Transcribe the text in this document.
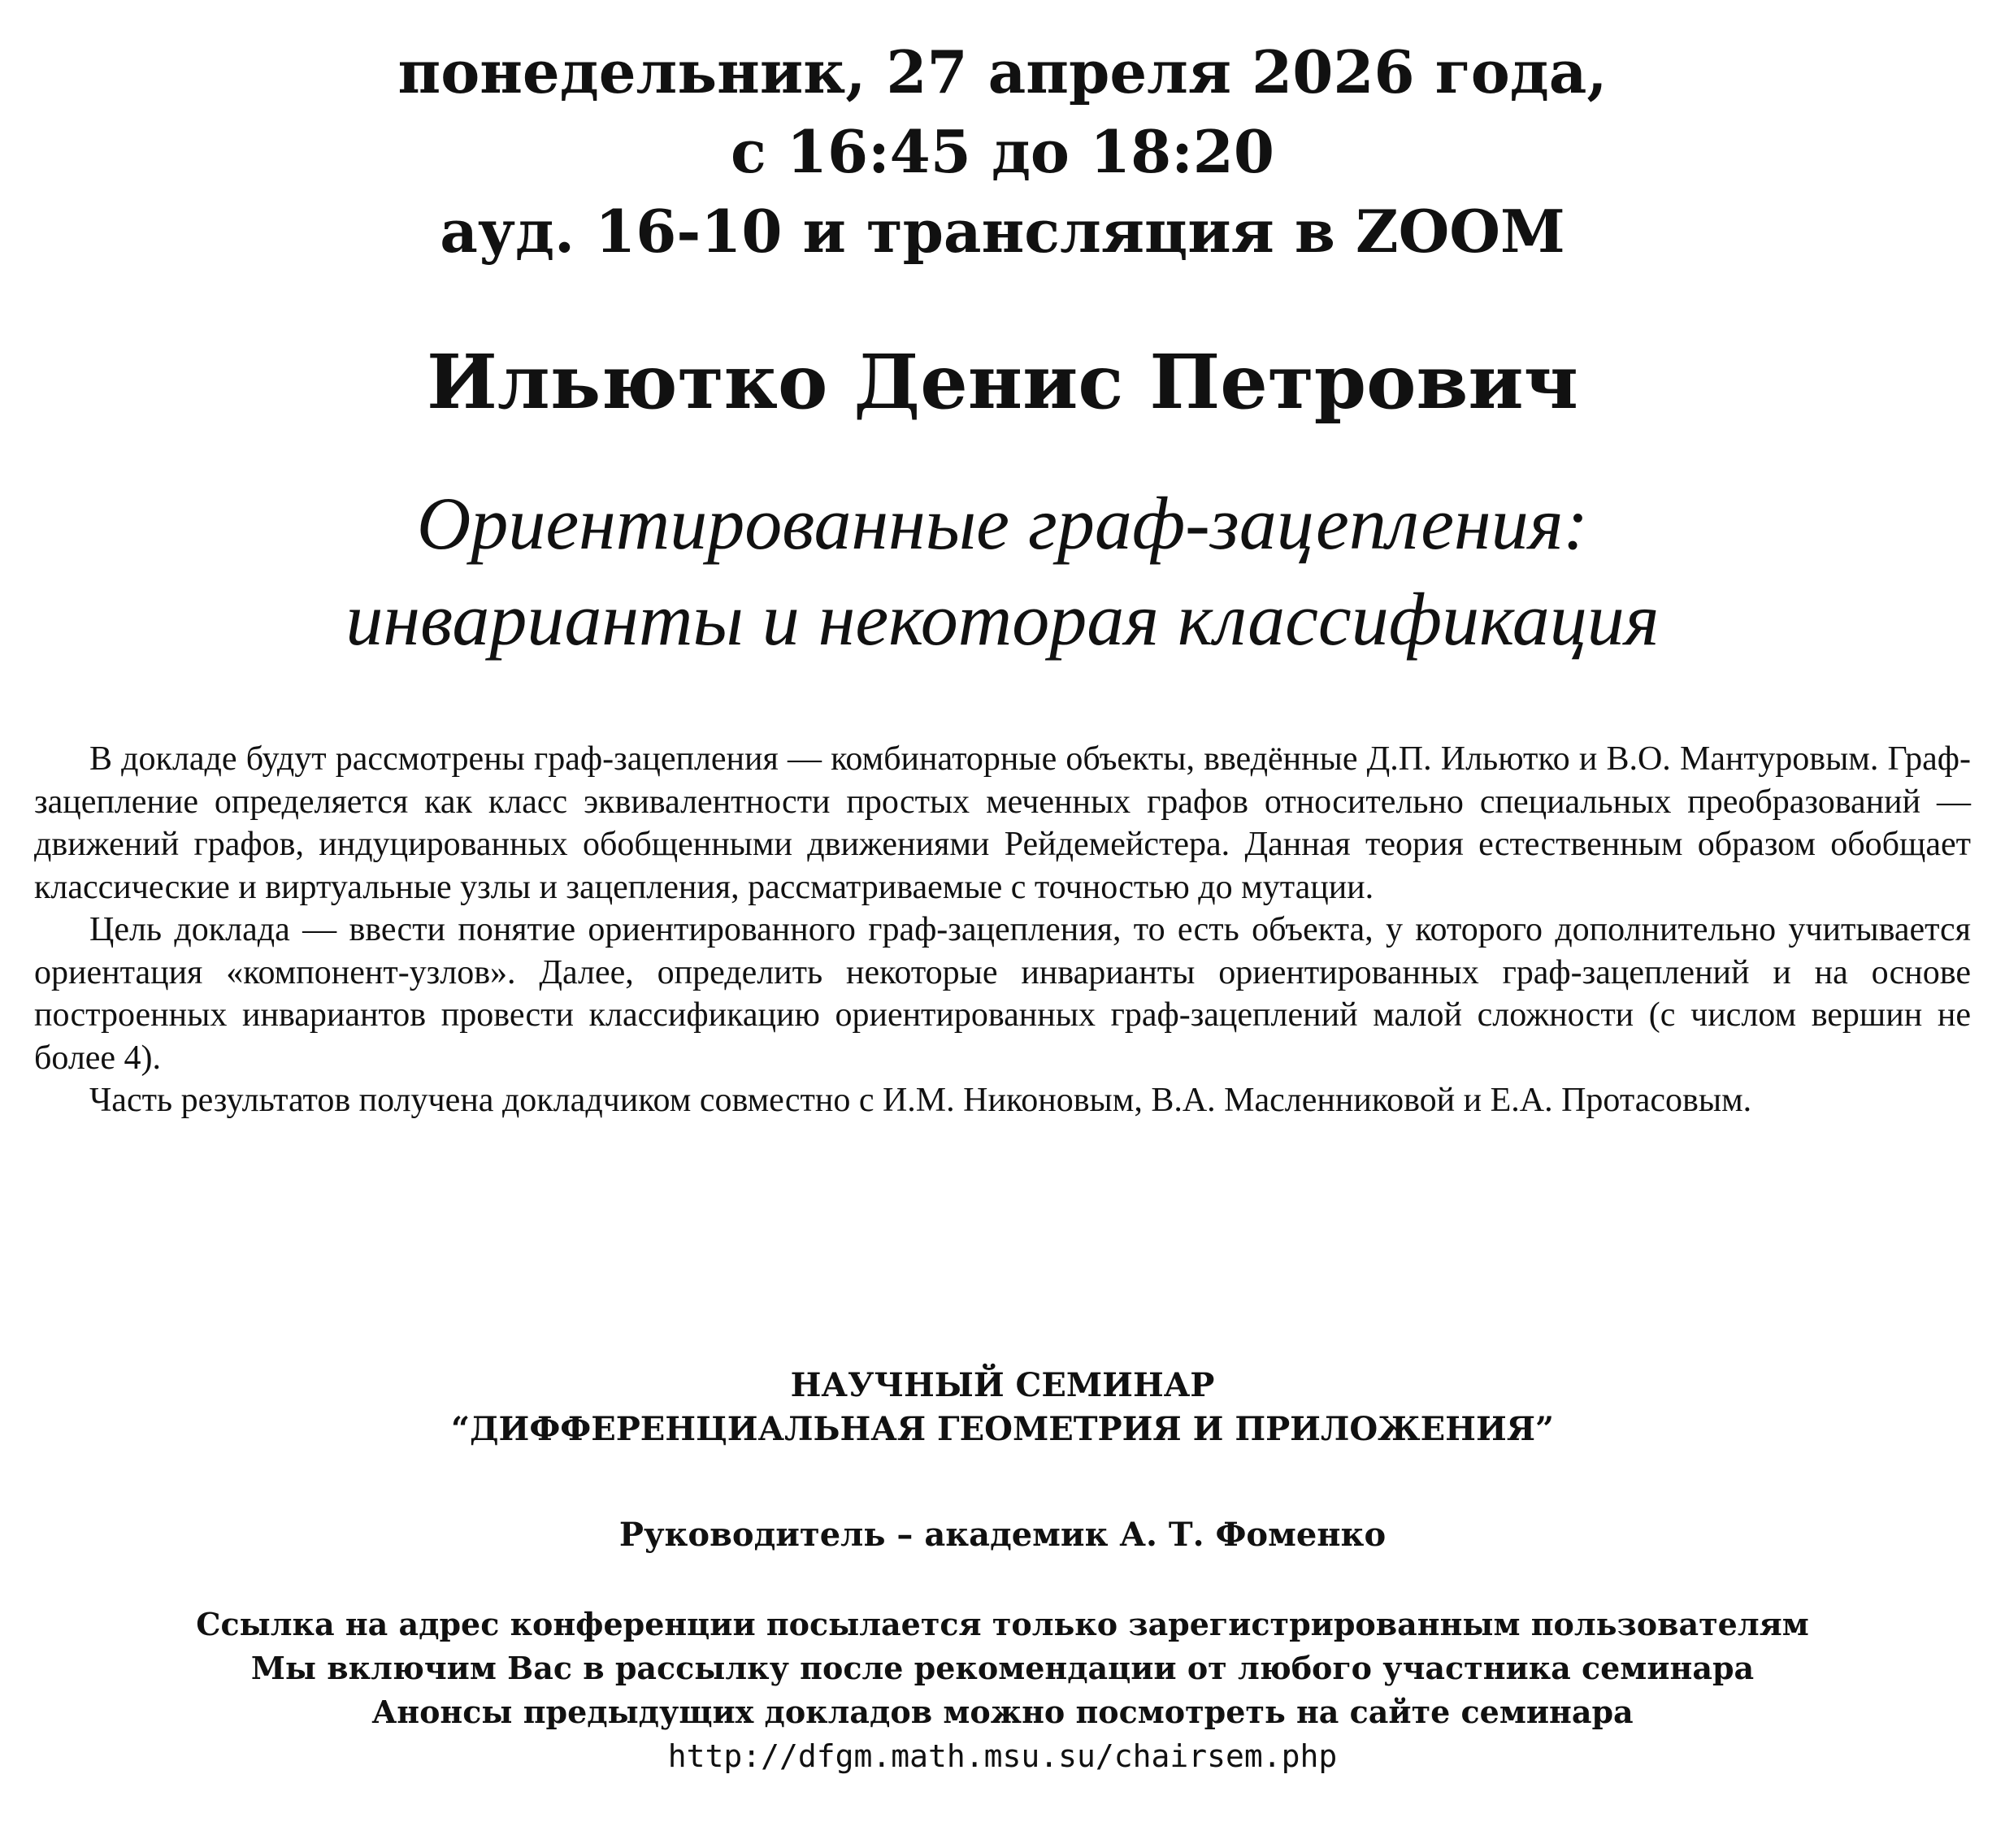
понедельник, 27 апреля 2026 года,
с 16:45 до 18:20
ауд. 16-10 и трансляция в ZOOM
Ильютко Денис Петрович
Ориентированные граф-зацепления:
инварианты и некоторая классификация

В докладе будут рассмотрены граф-зацепления — комбинаторные объекты, введённые Д.П. Ильютко и В.О. Мантуровым. Граф-зацепление определяется как класс эквивалентности простых меченных графов относительно специальных преобразований — движений графов, индуцированных обобщенными движениями Рейдемейстера. Данная теория естественным образом обобщает классические и виртуальные узлы и зацепления, рассматриваемые с точностью до мутации.

Цель доклада — ввести понятие ориентированного граф-зацепления, то есть объекта, у которого дополнительно учитывается ориентация «компонент-узлов». Далее, определить некоторые инварианты ориентированных граф-зацеплений и на основе построенных инвариантов провести классификацию ориентированных граф-зацеплений малой сложности (с числом вершин не более 4).

Часть результатов получена докладчиком совместно с И.М. Никоновым, В.А. Масленниковой и Е.А. Протасовым.

НАУЧНЫЙ СЕМИНАР
“ДИФФЕРЕНЦИАЛЬНАЯ ГЕОМЕТРИЯ И ПРИЛОЖЕНИЯ”
Руководитель – академик А. Т. Фоменко
Ссылка на адрес конференции посылается только зарегистрированным пользователям
Мы включим Вас в рассылку после рекомендации от любого участника семинара
Анонсы предыдущих докладов можно посмотреть на сайте семинара
http://dfgm.math.msu.su/chairsem.php
